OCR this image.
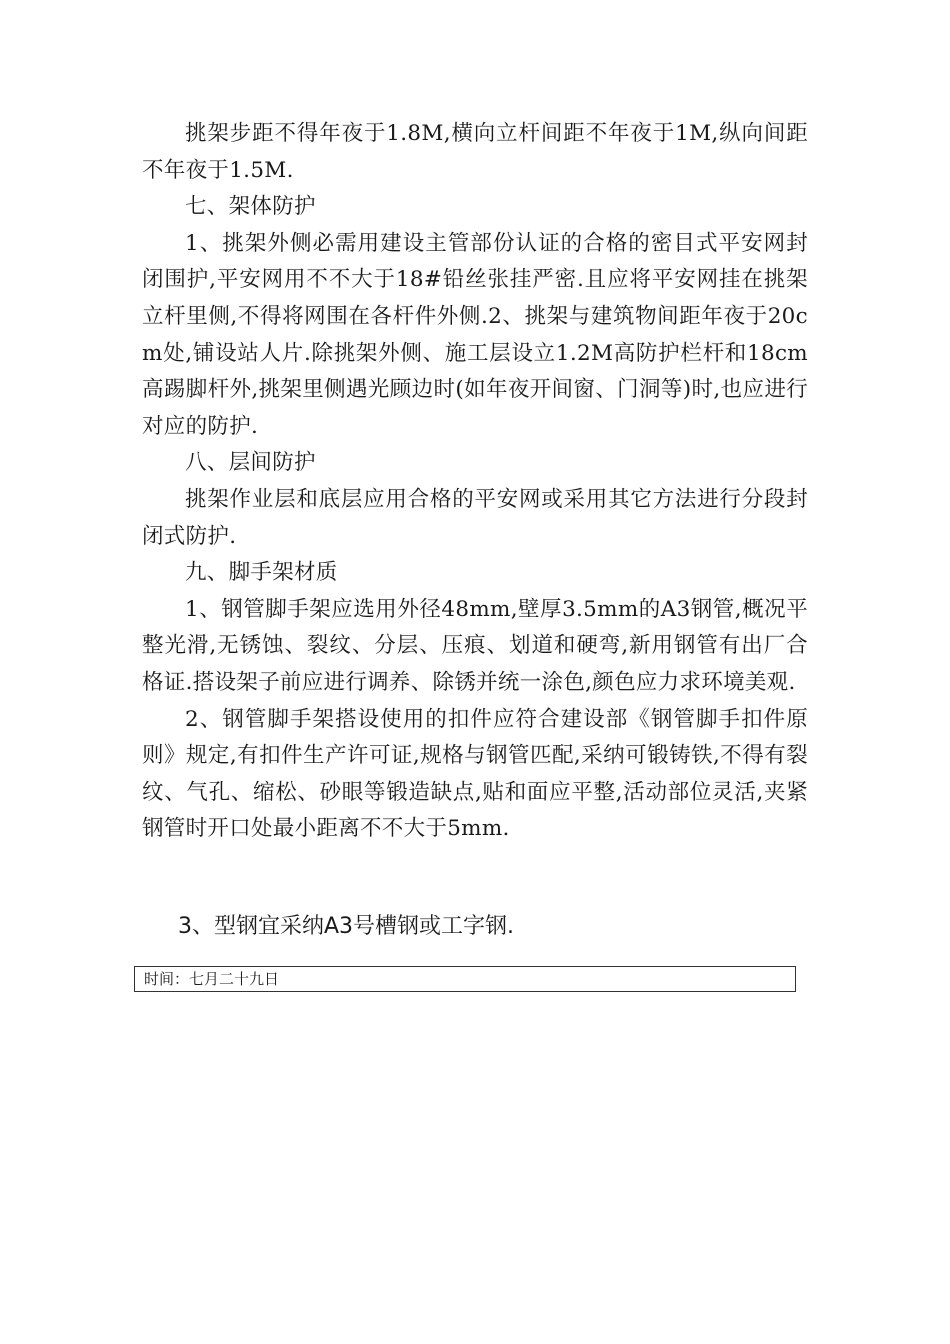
挑架步距不得年夜于1.8M,横向立杆间距不年夜于1M,纵向间距不年夜于1.5M.

七、架体防护

1、挑架外侧必需用建设主管部份认证的合格的密目式平安网封闭围护,平安网用不不大于18#铅丝张挂严密.且应将平安网挂在挑架立杆里侧,不得将网围在各杆件外侧.2、挑架与建筑物间距年夜于20cm处,铺设站人片.除挑架外侧、施工层设立1.2M高防护栏杆和18cm高踢脚杆外,挑架里侧遇光顾边时(如年夜开间窗、门洞等)时,也应进行对应的防护.

八、层间防护

挑架作业层和底层应用合格的平安网或采用其它方法进行分段封闭式防护.

九、脚手架材质

1、钢管脚手架应选用外径48mm,壁厚3.5mm的A3钢管,概况平整光滑,无锈蚀、裂纹、分层、压痕、划道和硬弯,新用钢管有出厂合格证.搭设架子前应进行调养、除锈并统一涂色,颜色应力求环境美观.

2、钢管脚手架搭设使用的扣件应符合建设部《钢管脚手扣件原则》规定,有扣件生产许可证,规格与钢管匹配,采纳可锻铸铁,不得有裂纹、气孔、缩松、砂眼等锻造缺点,贴和面应平整,活动部位灵活,夹紧钢管时开口处最小距离不不大于5mm.

3、型钢宜采纳A3号槽钢或工字钢.
时间：七月二十九日
